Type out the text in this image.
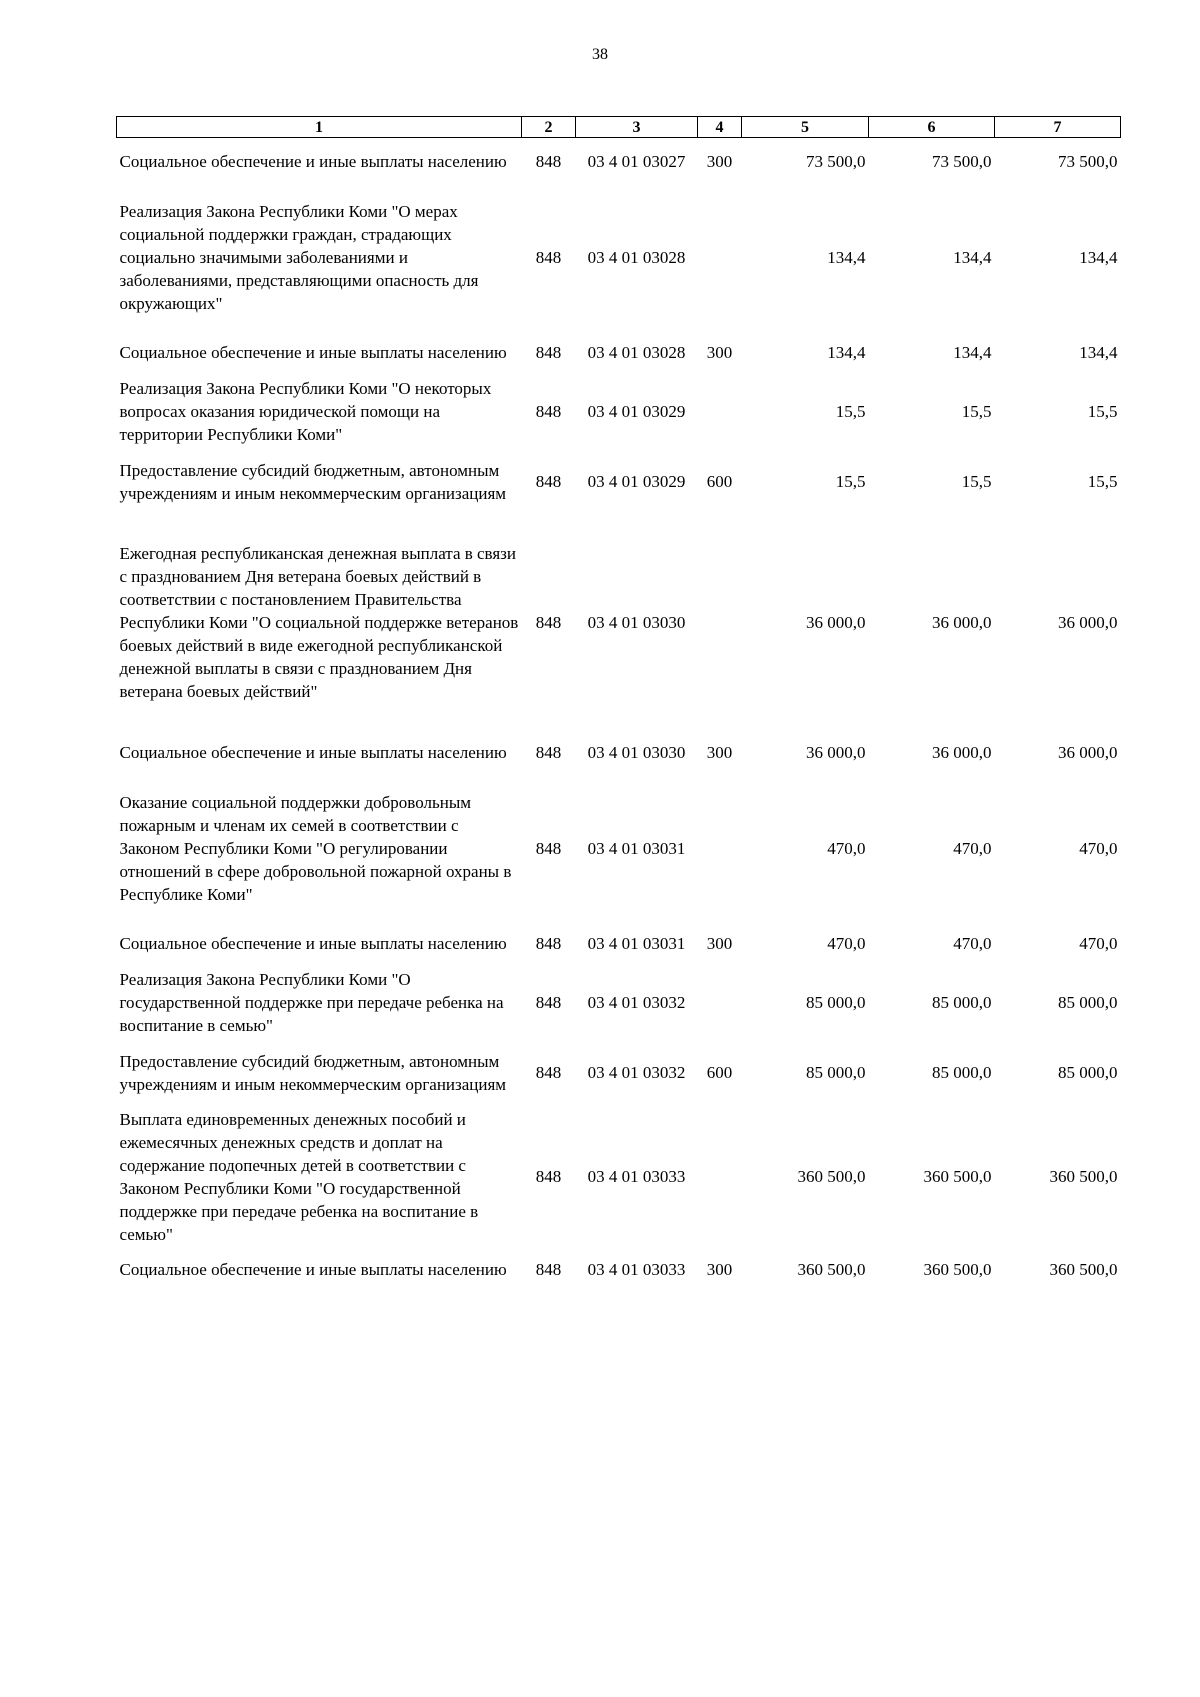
38
1	2	3	4	5	6	7
Социальное обеспечение и иные выплаты населению	848	03 4 01 03027	300	73 500,0	73 500,0	73 500,0

Реализация Закона Республики Коми "О мерах социальной поддержки граждан, страдающих социально значимыми заболеваниями и заболеваниями, представляющими опасность для окружающих"	848	03 4 01 03028		134,4	134,4	134,4

Социальное обеспечение и иные выплаты населению	848	03 4 01 03028	300	134,4	134,4	134,4
Реализация Закона Республики Коми "О некоторых вопросах оказания юридической помощи на территории Республики Коми"	848	03 4 01 03029		15,5	15,5	15,5
Предоставление субсидий бюджетным, автономным учреждениям и иным некоммерческим организациям	848	03 4 01 03029	600	15,5	15,5	15,5

Ежегодная республиканская денежная выплата в связи с празднованием Дня ветерана боевых действий в соответствии с постановлением Правительства Республики Коми "О социальной поддержке ветеранов боевых действий в виде ежегодной республиканской денежной выплаты в связи с празднованием Дня ветерана боевых действий"	848	03 4 01 03030		36 000,0	36 000,0	36 000,0

Социальное обеспечение и иные выплаты населению	848	03 4 01 03030	300	36 000,0	36 000,0	36 000,0

Оказание социальной поддержки добровольным пожарным и членам их семей в соответствии с Законом Республики Коми "О регулировании отношений в сфере добровольной пожарной охраны в Республике Коми"	848	03 4 01 03031		470,0	470,0	470,0

Социальное обеспечение и иные выплаты населению	848	03 4 01 03031	300	470,0	470,0	470,0
Реализация Закона Республики Коми "О государственной поддержке при передаче ребенка на воспитание в семью"	848	03 4 01 03032		85 000,0	85 000,0	85 000,0
Предоставление субсидий бюджетным, автономным учреждениям и иным некоммерческим организациям	848	03 4 01 03032	600	85 000,0	85 000,0	85 000,0
Выплата единовременных денежных пособий и ежемесячных денежных средств и доплат на содержание подопечных детей в соответствии с Законом Республики Коми "О государственной поддержке при передаче ребенка на воспитание в семью"	848	03 4 01 03033		360 500,0	360 500,0	360 500,0
Социальное обеспечение и иные выплаты населению	848	03 4 01 03033	300	360 500,0	360 500,0	360 500,0
